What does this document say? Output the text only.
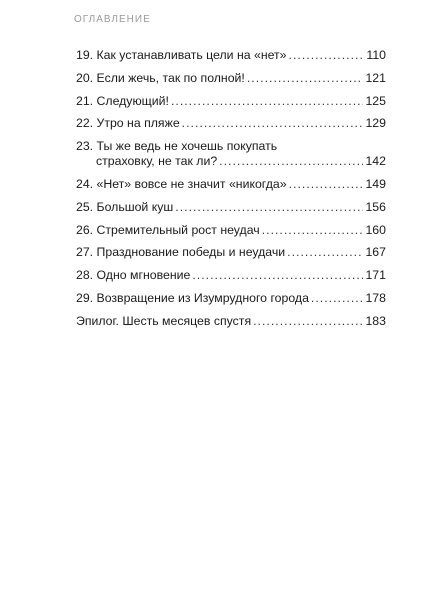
ОГЛАВЛЕНИЕ
19. Как устанавливать цели на «нет» . . .	110
20. Если жечь, так по полной! . . .	121
21. Следующий! . . .	125
22. Утро на пляже . . .	129
23. Ты же ведь не хочешь покупать
страховку, не так ли? . . .	142
24. «Нет» вовсе не значит «никогда» . . .	149
25. Большой куш . . .	156
26. Стремительный рост неудач . . .	160
27. Празднование победы и неудачи . . .	167
28. Одно мгновение . . .	171
29. Возвращение из Изумрудного города . . .	178
Эпилог. Шесть месяцев спустя . . .	183
